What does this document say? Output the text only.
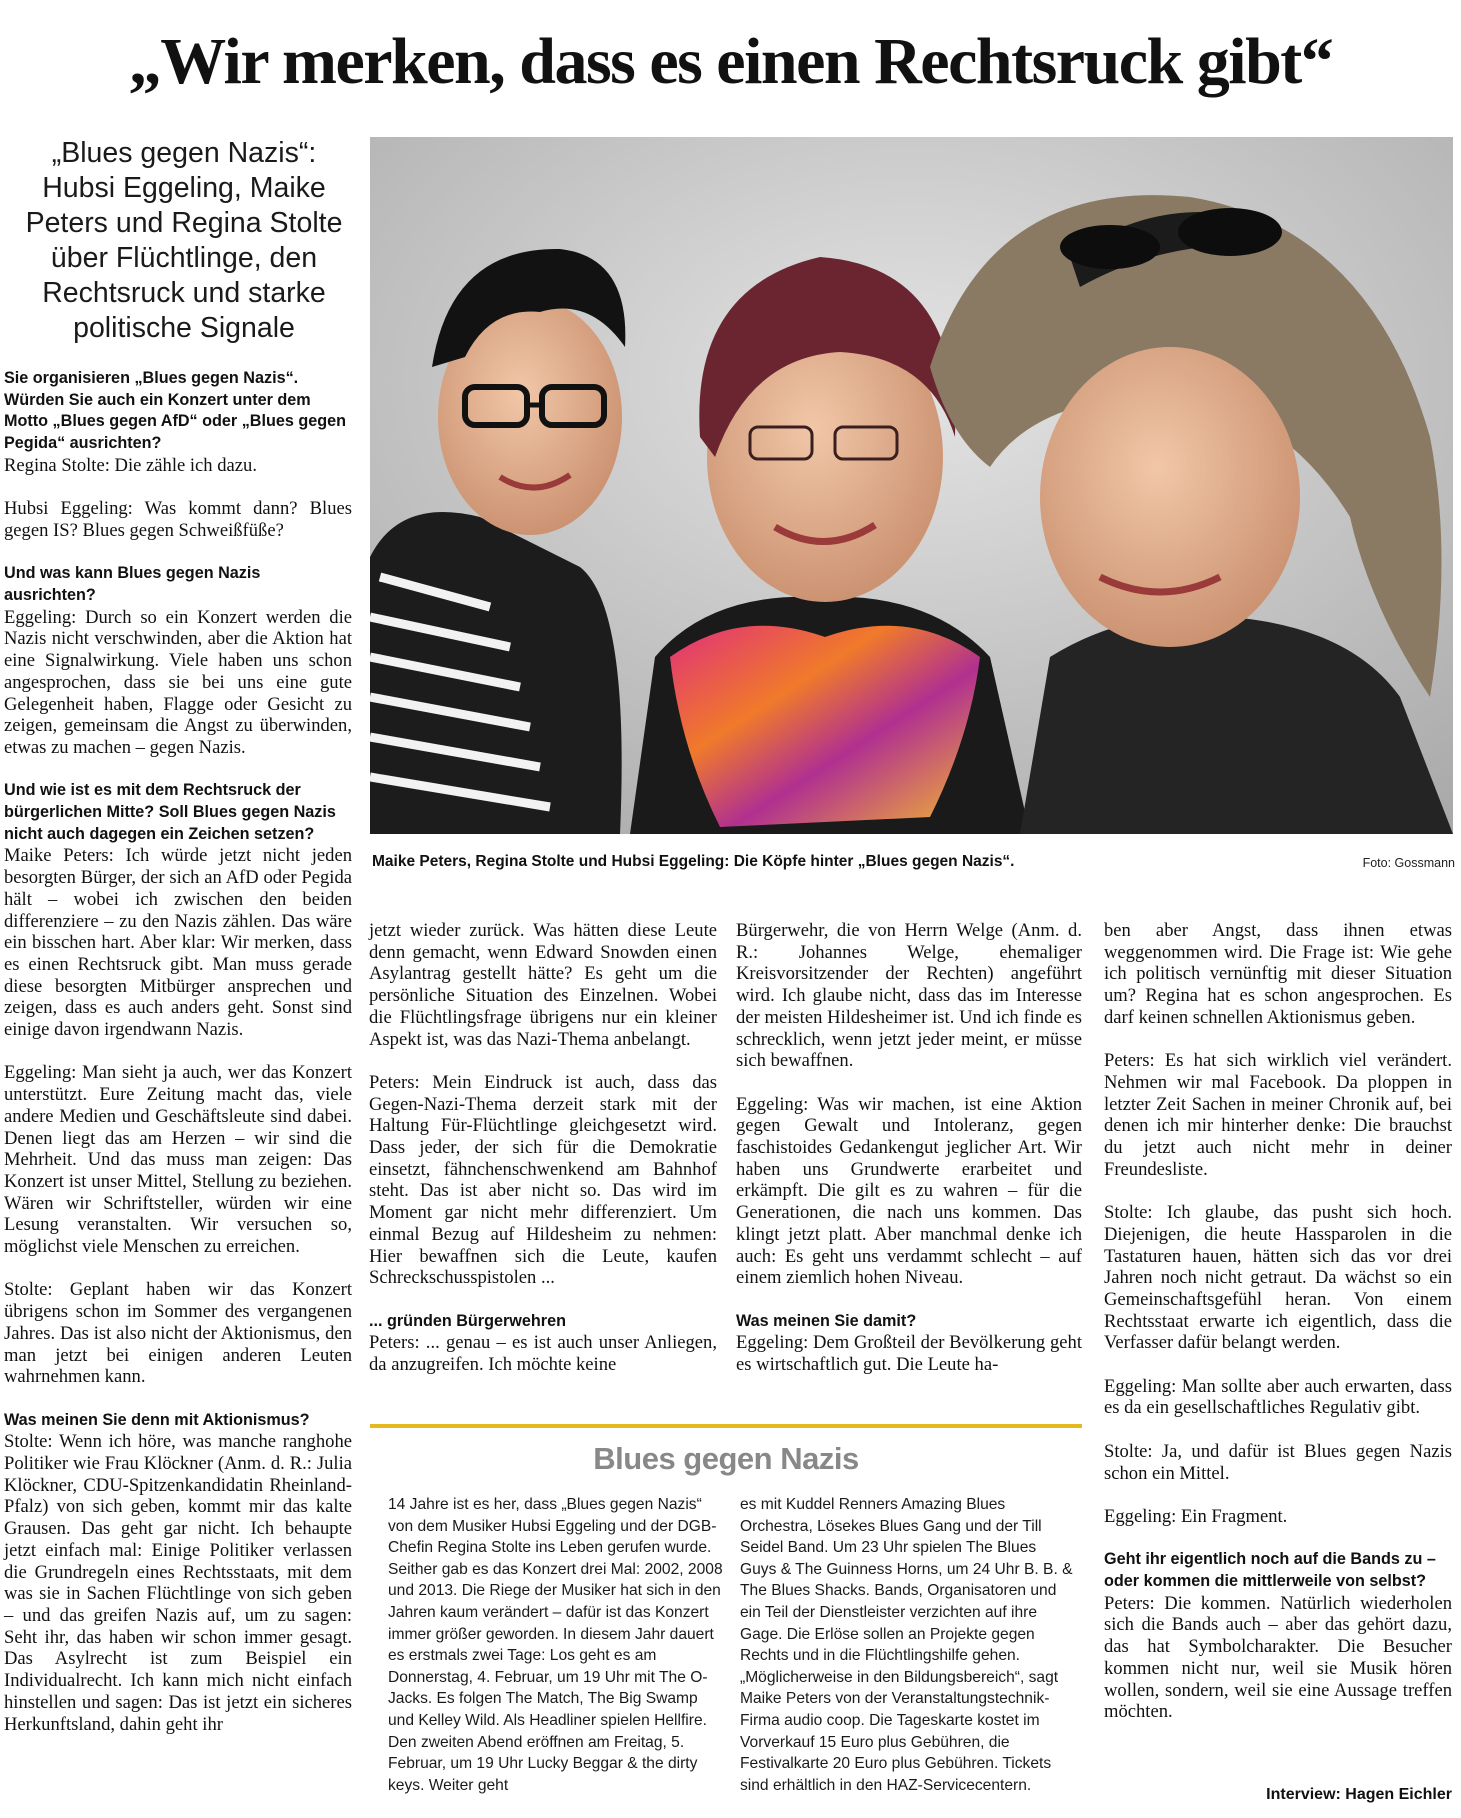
„Wir merken, dass es einen Rechtsruck gibt“
„Blues gegen Nazis“: Hubsi Eggeling, Maike Peters und Regina Stolte über Flüchtlinge, den Rechtsruck und starke politische Signale

Sie organisieren „Blues gegen Nazis“. Würden Sie auch ein Konzert unter dem Motto „Blues gegen AfD“ oder „Blues gegen Pegida“ ausrichten?

Regina Stolte: Die zähle ich dazu.

Hubsi Eggeling: Was kommt dann? Blues gegen IS? Blues gegen Schweißfüße?

Und was kann Blues gegen Nazis ausrichten?

Eggeling: Durch so ein Konzert werden die Nazis nicht verschwinden, aber die Aktion hat eine Signalwirkung. Viele haben uns schon angesprochen, dass sie bei uns eine gute Gelegenheit haben, Flagge oder Gesicht zu zeigen, gemeinsam die Angst zu überwinden, etwas zu machen – gegen Nazis.

Und wie ist es mit dem Rechtsruck der bürgerlichen Mitte? Soll Blues gegen Nazis nicht auch dagegen ein Zeichen setzen?

Maike Peters: Ich würde jetzt nicht jeden besorgten Bürger, der sich an AfD oder Pegida hält – wobei ich zwischen den beiden differenziere – zu den Nazis zählen. Das wäre ein bisschen hart. Aber klar: Wir merken, dass es einen Rechtsruck gibt. Man muss gerade diese besorgten Mitbürger ansprechen und zeigen, dass es auch anders geht. Sonst sind einige davon irgendwann Nazis.

Eggeling: Man sieht ja auch, wer das Konzert unterstützt. Eure Zeitung macht das, viele andere Medien und Geschäftsleute sind dabei. Denen liegt das am Herzen – wir sind die Mehrheit. Und das muss man zeigen: Das Konzert ist unser Mittel, Stellung zu beziehen. Wären wir Schriftsteller, würden wir eine Lesung veranstalten. Wir versuchen so, möglichst viele Menschen zu erreichen.

Stolte: Geplant haben wir das Konzert übrigens schon im Sommer des vergangenen Jahres. Das ist also nicht der Aktionismus, den man jetzt bei einigen anderen Leuten wahrnehmen kann.

Was meinen Sie denn mit Aktionismus?

Stolte: Wenn ich höre, was manche ranghohe Politiker wie Frau Klöckner (Anm. d. R.: Julia Klöckner, CDU-Spitzenkandidatin Rheinland-Pfalz) von sich geben, kommt mir das kalte Grausen. Das geht gar nicht. Ich behaupte jetzt einfach mal: Einige Politiker verlassen die Grundregeln eines Rechtsstaats, mit dem was sie in Sachen Flüchtlinge von sich geben – und das greifen Nazis auf, um zu sagen: Seht ihr, das haben wir schon immer gesagt. Das Asylrecht ist zum Beispiel ein Individualrecht. Ich kann mich nicht einfach hinstellen und sagen: Das ist jetzt ein sicheres Herkunftsland, dahin geht ihr

jetzt wieder zurück. Was hätten diese Leute denn gemacht, wenn Edward Snowden einen Asylantrag gestellt hätte? Es geht um die persönliche Situation des Einzelnen. Wobei die Flüchtlingsfrage übrigens nur ein kleiner Aspekt ist, was das Nazi-Thema anbelangt.

Peters: Mein Eindruck ist auch, dass das Gegen-Nazi-Thema derzeit stark mit der Haltung Für-Flüchtlinge gleichgesetzt wird. Dass jeder, der sich für die Demokratie einsetzt, fähnchenschwenkend am Bahnhof steht. Das ist aber nicht so. Das wird im Moment gar nicht mehr differenziert. Um einmal Bezug auf Hildesheim zu nehmen: Hier bewaffnen sich die Leute, kaufen Schreckschusspistolen ...

... gründen Bürgerwehren

Peters: ... genau – es ist auch unser Anliegen, da anzugreifen. Ich möchte keine

Bürgerwehr, die von Herrn Welge (Anm. d. R.: Johannes Welge, ehemaliger Kreisvorsitzender der Rechten) angeführt wird. Ich glaube nicht, dass das im Interesse der meisten Hildesheimer ist. Und ich finde es schrecklich, wenn jetzt jeder meint, er müsse sich bewaffnen.

Eggeling: Was wir machen, ist eine Aktion gegen Gewalt und Intoleranz, gegen faschistoides Gedankengut jeglicher Art. Wir haben uns Grundwerte erarbeitet und erkämpft. Die gilt es zu wahren – für die Generationen, die nach uns kommen. Das klingt jetzt platt. Aber manchmal denke ich auch: Es geht uns verdammt schlecht – auf einem ziemlich hohen Niveau.

Was meinen Sie damit?

Eggeling: Dem Großteil der Bevölkerung geht es wirtschaftlich gut. Die Leute ha-

ben aber Angst, dass ihnen etwas weggenommen wird. Die Frage ist: Wie gehe ich politisch vernünftig mit dieser Situation um? Regina hat es schon angesprochen. Es darf keinen schnellen Aktionismus geben.

Peters: Es hat sich wirklich viel verändert. Nehmen wir mal Facebook. Da ploppen in letzter Zeit Sachen in meiner Chronik auf, bei denen ich mir hinterher denke: Die brauchst du jetzt auch nicht mehr in deiner Freundesliste.

Stolte: Ich glaube, das pusht sich hoch. Diejenigen, die heute Hassparolen in die Tastaturen hauen, hätten sich das vor drei Jahren noch nicht getraut. Da wächst so ein Gemeinschaftsgefühl heran. Von einem Rechtsstaat erwarte ich eigentlich, dass die Verfasser dafür belangt werden.

Eggeling: Man sollte aber auch erwarten, dass es da ein gesellschaftliches Regulativ gibt.

Stolte: Ja, und dafür ist Blues gegen Nazis schon ein Mittel.

Eggeling: Ein Fragment.

Geht ihr eigentlich noch auf die Bands zu – oder kommen die mittlerweile von selbst?

Peters: Die kommen. Natürlich wiederholen sich die Bands auch – aber das gehört dazu, das hat Symbolcharakter. Die Besucher kommen nicht nur, weil sie Musik hören wollen, sondern, weil sie eine Aussage treffen möchten.

Maike Peters, Regina Stolte und Hubsi Eggeling: Die Köpfe hinter „Blues gegen Nazis“.	Foto: Gossmann
Blues gegen Nazis
14 Jahre ist es her, dass „Blues gegen Nazis“ von dem Musiker Hubsi Eggeling und der DGB-Chefin Regina Stolte ins Leben gerufen wurde. Seither gab es das Konzert drei Mal: 2002, 2008 und 2013. Die Riege der Musiker hat sich in den Jahren kaum verändert – dafür ist das Konzert immer größer geworden. In diesem Jahr dauert es erstmals zwei Tage: Los geht es am Donnerstag, 4. Februar, um 19 Uhr mit The O-Jacks. Es folgen The Match, The Big Swamp und Kelley Wild. Als Headliner spielen Hellfire. Den zweiten Abend eröffnen am Freitag, 5. Februar, um 19 Uhr Lucky Beggar & the dirty keys. Weiter geht
es mit Kuddel Renners Amazing Blues Orchestra, Lösekes Blues Gang und der Till Seidel Band. Um 23 Uhr spielen The Blues Guys & The Guinness Horns, um 24 Uhr B. B. & The Blues Shacks. Bands, Organisatoren und ein Teil der Dienstleister verzichten auf ihre Gage. Die Erlöse sollen an Projekte gegen Rechts und in die Flüchtlingshilfe gehen. „Möglicherweise in den Bildungsbereich“, sagt Maike Peters von der Veranstaltungstechnik-Firma audio coop. Die Tageskarte kostet im Vorverkauf 15 Euro plus Gebühren, die Festivalkarte 20 Euro plus Gebühren. Tickets sind erhältlich in den HAZ-Servicecentern.
Interview: Hagen Eichler
